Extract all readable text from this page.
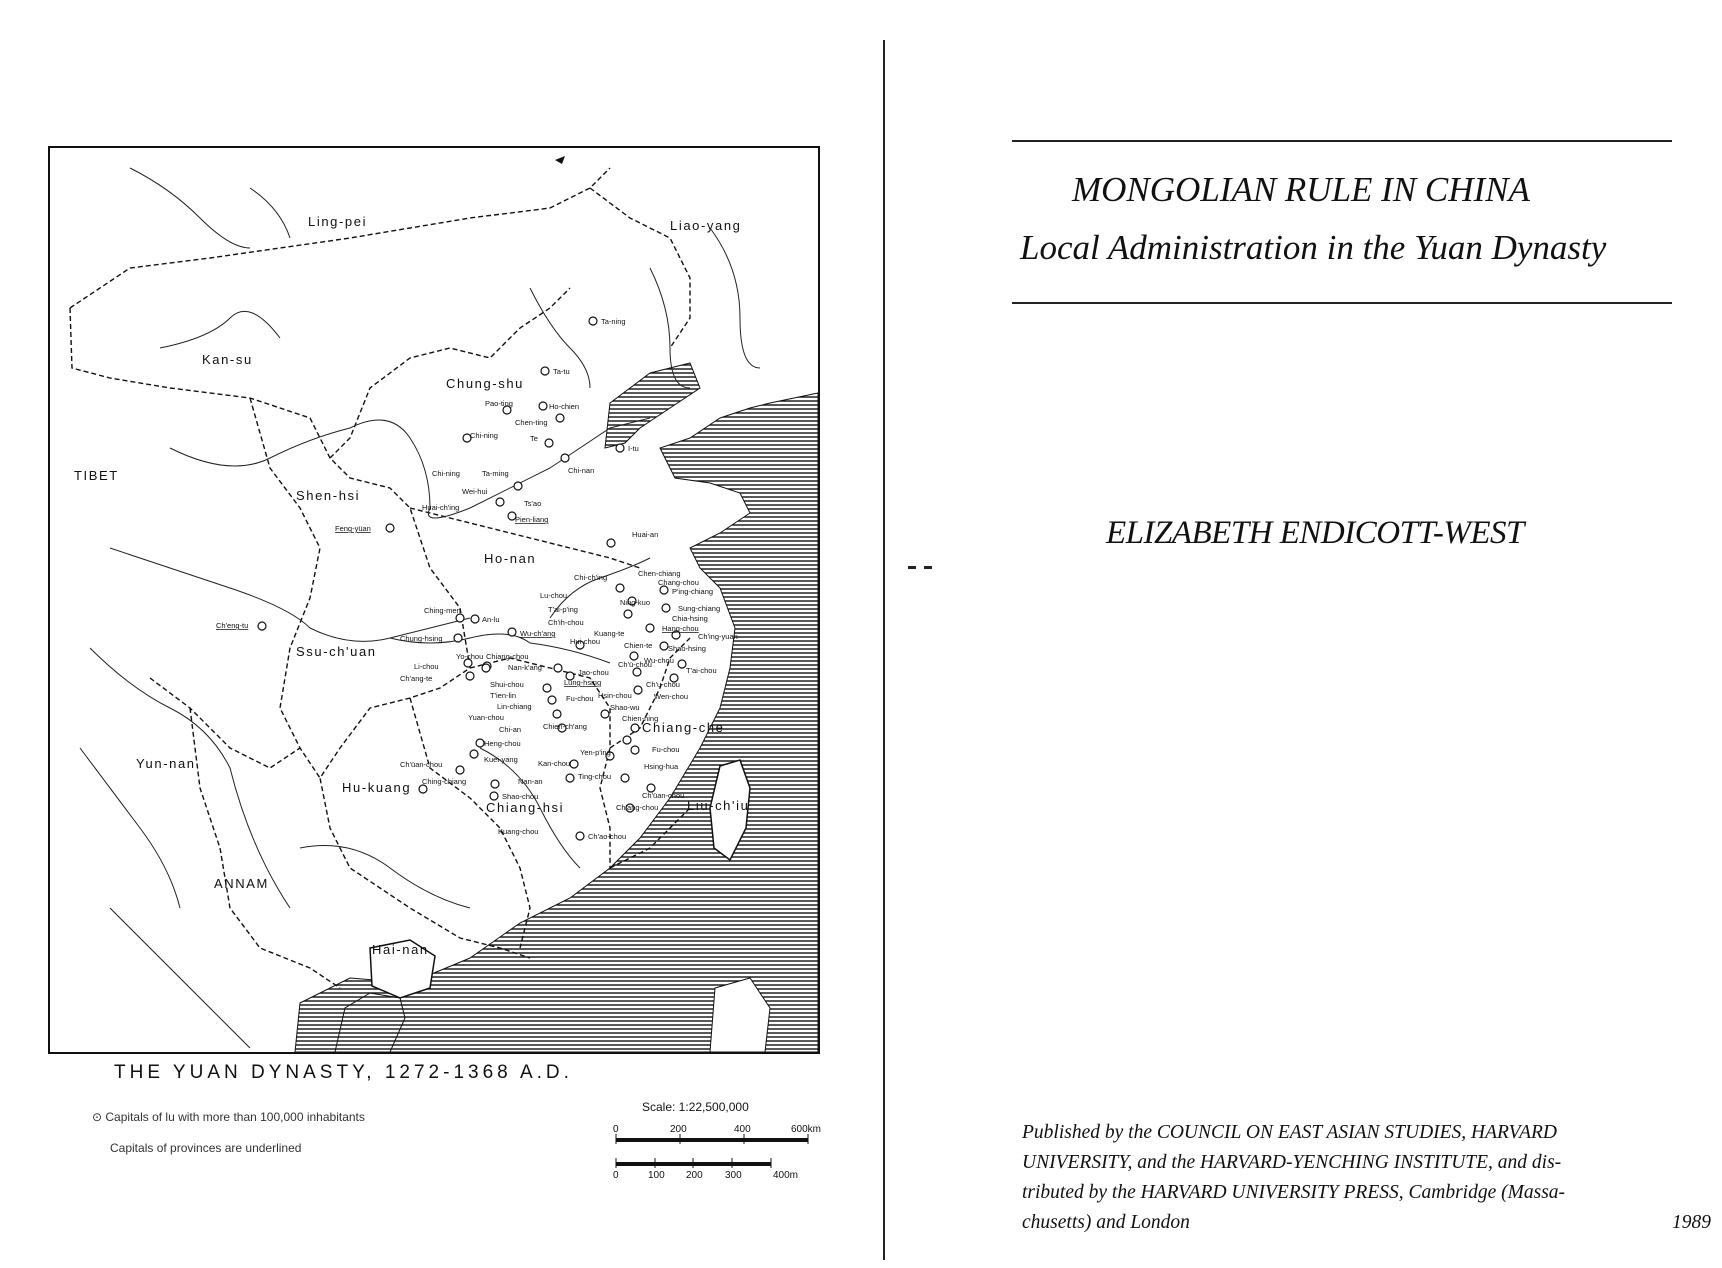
Ling-pei	Liao-yang
Kan-su
TIBET
Chung-shu
Shen-hsi
Ho-nan
Ssu-ch'uan
Yun-nan
Hu-kuang
Chiang-hsi
Chiang-che
Liu-ch'iu
ANNAM
Hai-nan
Ta-ning
Ta-tu
Pao-ting	Ho-chien
Chen-ting
Chi-ning	Te
I-tu
Chi-ning	Ta-ming	Chi-nan
Wei-hui
Ts'ao
Huai-ch'ing
Feng-yüan
Pien-liang
Huai-an
Chi-ch'ing	Chen-chiang
Chang-chou
P'ing-chiang
Lu-chou
T'ai-p'ing
Ning-kuo
Sung-chiang
Chia-hsing
Ch'ih-chou
Hang-chou
Ching-men
An-lu
Kuang-te	Ch'ing-yuan
Ch'eng-tu
Chung-hsing
Wu-ch'ang
Hui-chou	Chien-te Shao-hsing
Yo-chou Chiang-chou
Li-chou	Nan-k'ang	Ch'ü-chou
Wu-chou
T'ai-chou
Ch'ang-te
Jao-chou
Lung-hsing	Ch'u-chou
Shui-chou
Fu-chou Hsin-chou	Wen-chou
T'ien-lin
Lin-chiang	Shao-wu
Yuan-chou	Chien-ning
Chien-ch'ang
Chi-an
Heng-chou
Yen-p'ing	Fu-chou
Ch'üan-chou
Kuei-yang	Kan-chou	Hsing-hua
Ting-chou
Ching-chiang	Nan-an
Ch'üan-chou
Shao-chou
Ch'ang-chou
Kuang-chou
Ch'ao-chou
THE YUAN DYNASTY, 1272-1368 A.D.
⊙ Capitals of lu with more than 100,000 inhabitants
Capitals of provinces are underlined
Scale: 1:22,500,000
0	200	400	600km
0	100 200 300	400m
MONGOLIAN RULE IN CHINA
Local Administration in the Yuan Dynasty
ELIZABETH ENDICOTT-WEST
Published by the COUNCIL ON EAST ASIAN STUDIES, HARVARD
UNIVERSITY, and the HARVARD-YENCHING INSTITUTE, and dis-
tributed by the HARVARD UNIVERSITY PRESS, Cambridge (Massa-
chusetts) and London	1989
